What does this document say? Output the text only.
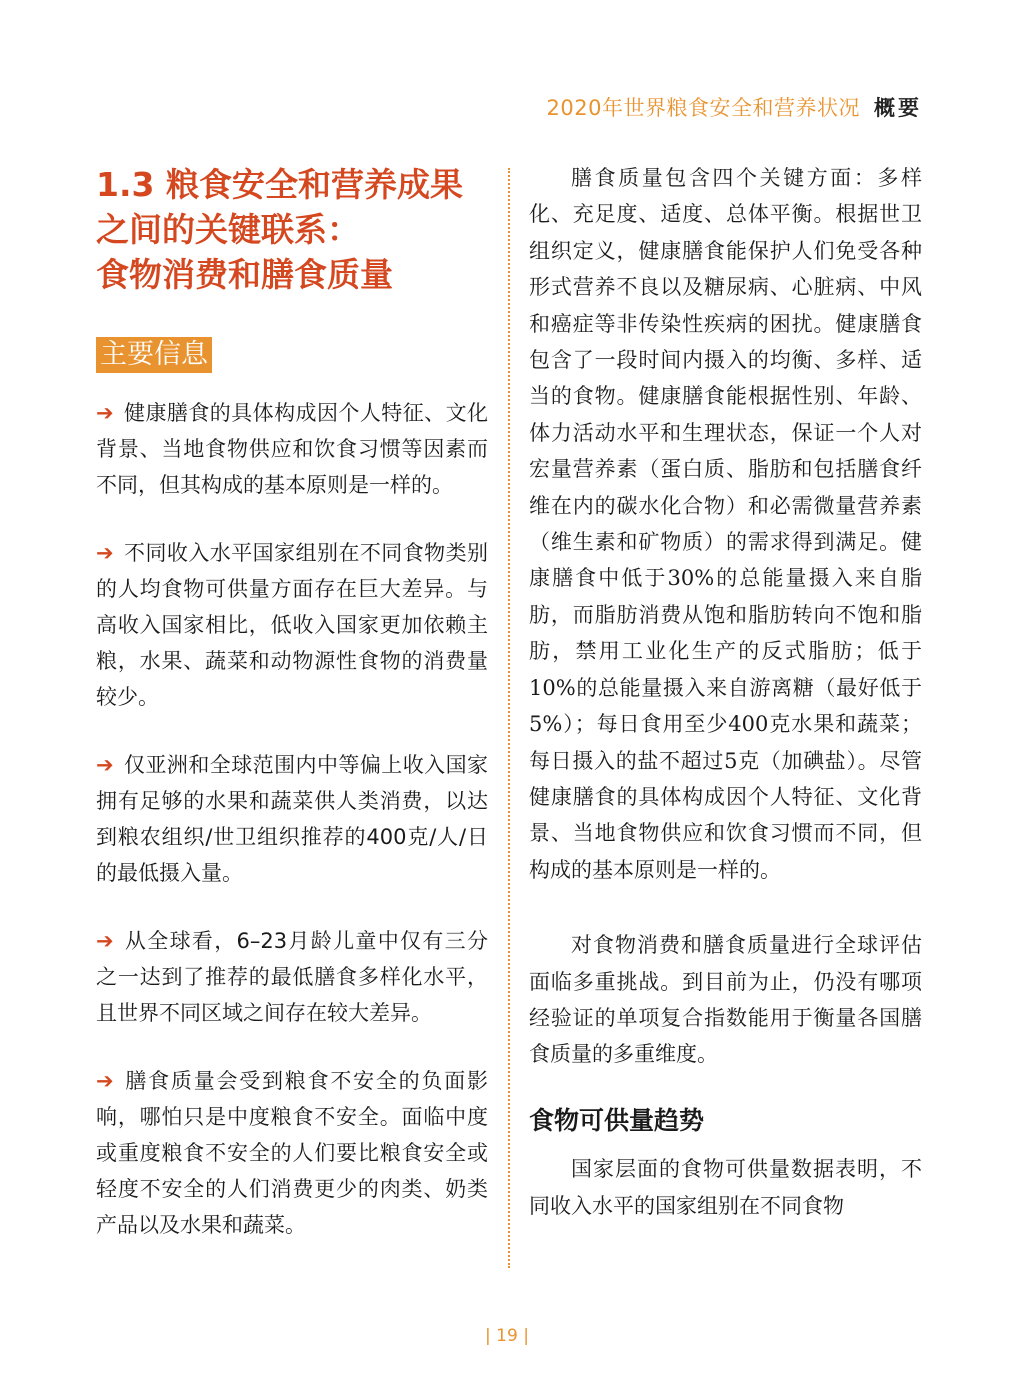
2020年世界粮食安全和营养状况 概要
1.3 粮食安全和营养成果
之间的关键联系：
食物消费和膳食质量
主要信息
➔ 健康膳食的具体构成因个人特征、文化背景、当地食物供应和饮食习惯等因素而不同，但其构成的基本原则是一样的。
➔ 不同收入水平国家组别在不同食物类别的人均食物可供量方面存在巨大差异。与高收入国家相比，低收入国家更加依赖主粮，水果、蔬菜和动物源性食物的消费量较少。
➔ 仅亚洲和全球范围内中等偏上收入国家拥有足够的水果和蔬菜供人类消费，以达到粮农组织/世卫组织推荐的400克/人/日的最低摄入量。
➔ 从全球看，6–23月龄儿童中仅有三分之一达到了推荐的最低膳食多样化水平，且世界不同区域之间存在较大差异。
➔ 膳食质量会受到粮食不安全的负面影响，哪怕只是中度粮食不安全。面临中度或重度粮食不安全的人们要比粮食安全或轻度不安全的人们消费更少的肉类、奶类产品以及水果和蔬菜。

膳食质量包含四个关键方面：多样化、充足度、适度、总体平衡。根据世卫组织定义，健康膳食能保护人们免受各种形式营养不良以及糖尿病、心脏病、中风和癌症等非传染性疾病的困扰。健康膳食包含了一段时间内摄入的均衡、多样、适当的食物。健康膳食能根据性别、年龄、体力活动水平和生理状态，保证一个人对宏量营养素（蛋白质、脂肪和包括膳食纤维在内的碳水化合物）和必需微量营养素（维生素和矿物质）的需求得到满足。健康膳食中低于30%的总能量摄入来自脂肪，而脂肪消费从饱和脂肪转向不饱和脂肪，禁用工业化生产的反式脂肪；低于10%的总能量摄入来自游离糖（最好低于5%）；每日食用至少400克水果和蔬菜；每日摄入的盐不超过5克（加碘盐）。尽管健康膳食的具体构成因个人特征、文化背景、当地食物供应和饮食习惯而不同，但构成的基本原则是一样的。

对食物消费和膳食质量进行全球评估面临多重挑战。到目前为止，仍没有哪项经验证的单项复合指数能用于衡量各国膳食质量的多重维度。

食物可供量趋势

国家层面的食物可供量数据表明，不同收入水平的国家组别在不同食物

| 19 |
